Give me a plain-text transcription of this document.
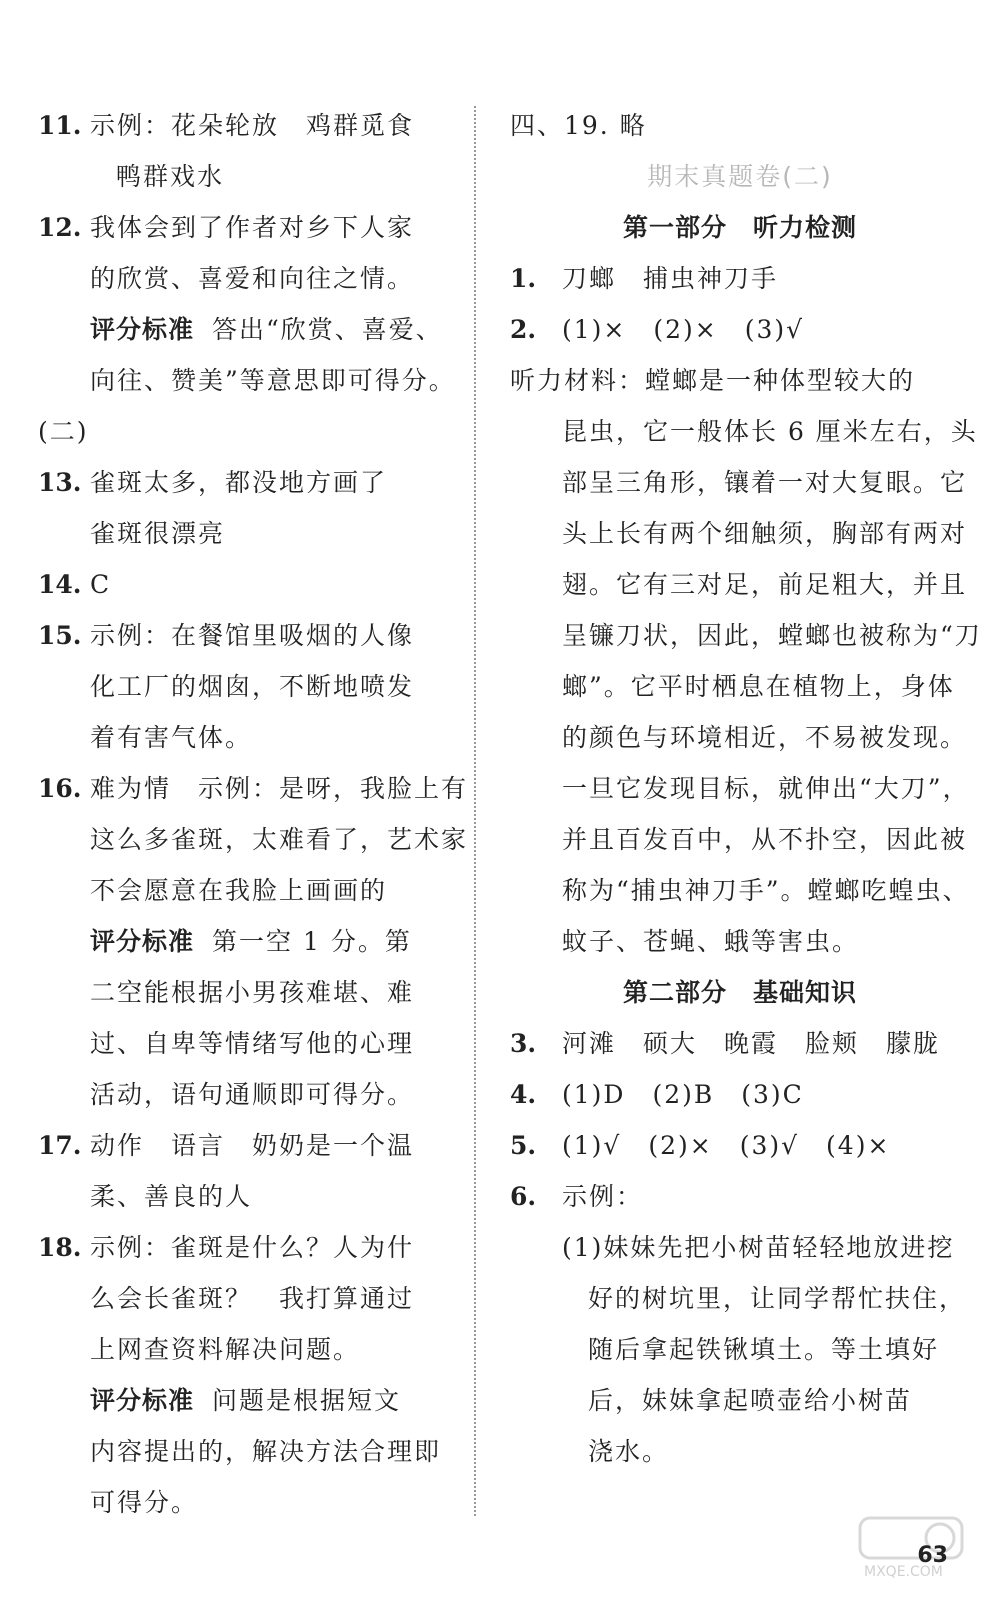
11. 示例：花朵轮放　鸡群觅食
鸭群戏水
12. 我体会到了作者对乡下人家
的欣赏、喜爱和向往之情。
评分标准 答出“欣赏、喜爱、
向往、赞美”等意思即可得分。
(二)
13. 雀斑太多，都没地方画了
雀斑很漂亮
14. C
15. 示例：在餐馆里吸烟的人像
化工厂的烟囱，不断地喷发
着有害气体。
16. 难为情　示例：是呀，我脸上有
这么多雀斑，太难看了，艺术家
不会愿意在我脸上画画的
评分标准 第一空 1 分。第
二空能根据小男孩难堪、难
过、自卑等情绪写他的心理
活动，语句通顺即可得分。
17. 动作　语言　奶奶是一个温
柔、善良的人
18. 示例：雀斑是什么？人为什
么会长雀斑？　我打算通过
上网查资料解决问题。
评分标准 问题是根据短文
内容提出的，解决方法合理即
可得分。
四、19. 略
期末真题卷(二)
第一部分　听力检测
1. 刀螂　捕虫神刀手
2. (1)×　(2)×　(3)√
听力材料：螳螂是一种体型较大的
昆虫，它一般体长 6 厘米左右，头
部呈三角形，镶着一对大复眼。它
头上长有两个细触须，胸部有两对
翅。它有三对足，前足粗大，并且
呈镰刀状，因此，螳螂也被称为“刀
螂”。它平时栖息在植物上，身体
的颜色与环境相近，不易被发现。
一旦它发现目标，就伸出“大刀”，
并且百发百中，从不扑空，因此被
称为“捕虫神刀手”。螳螂吃蝗虫、
蚊子、苍蝇、蛾等害虫。
第二部分　基础知识
3. 河滩　硕大　晚霞　脸颊　朦胧
4. (1)D　(2)B　(3)C
5. (1)√　(2)×　(3)√　(4)×
6. 示例：
(1)妹妹先把小树苗轻轻地放进挖
好的树坑里，让同学帮忙扶住，
随后拿起铁锹填土。等土填好
后，妹妹拿起喷壶给小树苗
浇水。
MXQE.COM
63
